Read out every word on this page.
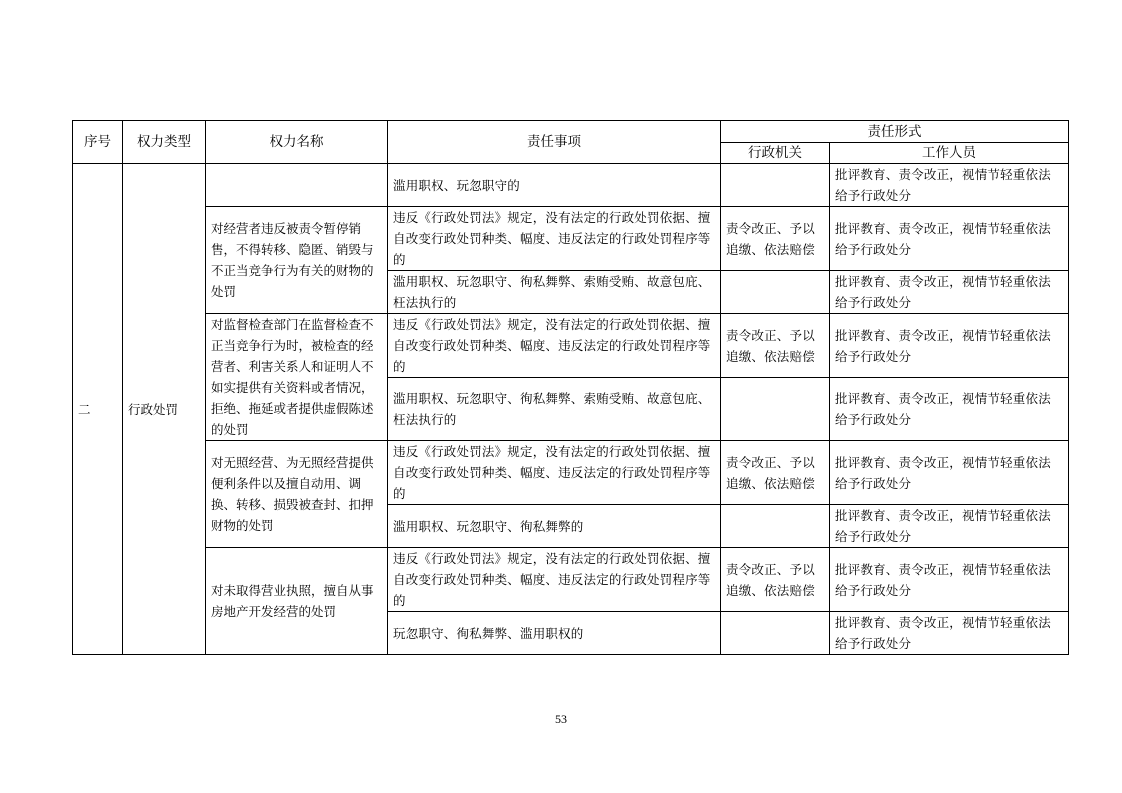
序号	权力类型	权力名称	责任事项	责任形式	
				行政机关	工作人员
二	行政处罚		滥用职权、玩忽职守的		批评教育、责令改正，视情节轻重依法给予行政处分
		对经营者违反被责令暂停销售，不得转移、隐匿、销毁与不正当竞争行为有关的财物的处罚	违反《行政处罚法》规定，没有法定的行政处罚依据、擅自改变行政处罚种类、幅度、违反法定的行政处罚程序等的	责令改正、予以追缴、依法赔偿	批评教育、责令改正，视情节轻重依法给予行政处分
			滥用职权、玩忽职守、徇私舞弊、索贿受贿、故意包庇、枉法执行的		批评教育、责令改正，视情节轻重依法给予行政处分
		对监督检查部门在监督检查不正当竞争行为时，被检查的经营者、利害关系人和证明人不如实提供有关资料或者情况，拒绝、拖延或者提供虚假陈述的处罚	违反《行政处罚法》规定，没有法定的行政处罚依据、擅自改变行政处罚种类、幅度、违反法定的行政处罚程序等的	责令改正、予以追缴、依法赔偿	批评教育、责令改正，视情节轻重依法给予行政处分
			滥用职权、玩忽职守、徇私舞弊、索贿受贿、故意包庇、枉法执行的		批评教育、责令改正，视情节轻重依法给予行政处分
		对无照经营、为无照经营提供便利条件以及擅自动用、调换、转移、损毁被查封、扣押财物的处罚	违反《行政处罚法》规定，没有法定的行政处罚依据、擅自改变行政处罚种类、幅度、违反法定的行政处罚程序等的	责令改正、予以追缴、依法赔偿	批评教育、责令改正，视情节轻重依法给予行政处分
			滥用职权、玩忽职守、徇私舞弊的		批评教育、责令改正，视情节轻重依法给予行政处分
		对未取得营业执照，擅自从事房地产开发经营的处罚	违反《行政处罚法》规定，没有法定的行政处罚依据、擅自改变行政处罚种类、幅度、违反法定的行政处罚程序等的	责令改正、予以追缴、依法赔偿	批评教育、责令改正，视情节轻重依法给予行政处分
			玩忽职守、徇私舞弊、滥用职权的		批评教育、责令改正，视情节轻重依法给予行政处分
53
